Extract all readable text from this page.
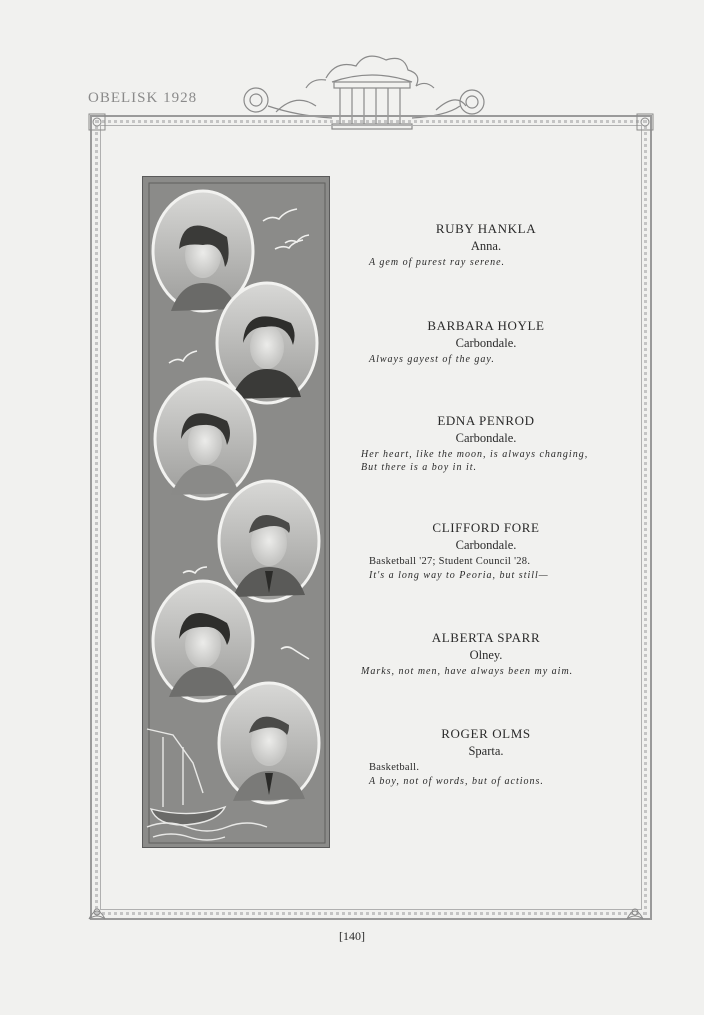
OBELISK 1928
RUBY HANKLA
Anna.
A gem of purest ray serene.
BARBARA HOYLE
Carbondale.
Always gayest of the gay.
EDNA PENROD
Carbondale.
Her heart, like the moon, is always changing,
But there is a boy in it.
CLIFFORD FORE
Carbondale.
Basketball '27; Student Council '28.
It's a long way to Peoria, but still—
ALBERTA SPARR
Olney.
Marks, not men, have always been my aim.
ROGER OLMS
Sparta.
Basketball.
A boy, not of words, but of actions.
[140]
